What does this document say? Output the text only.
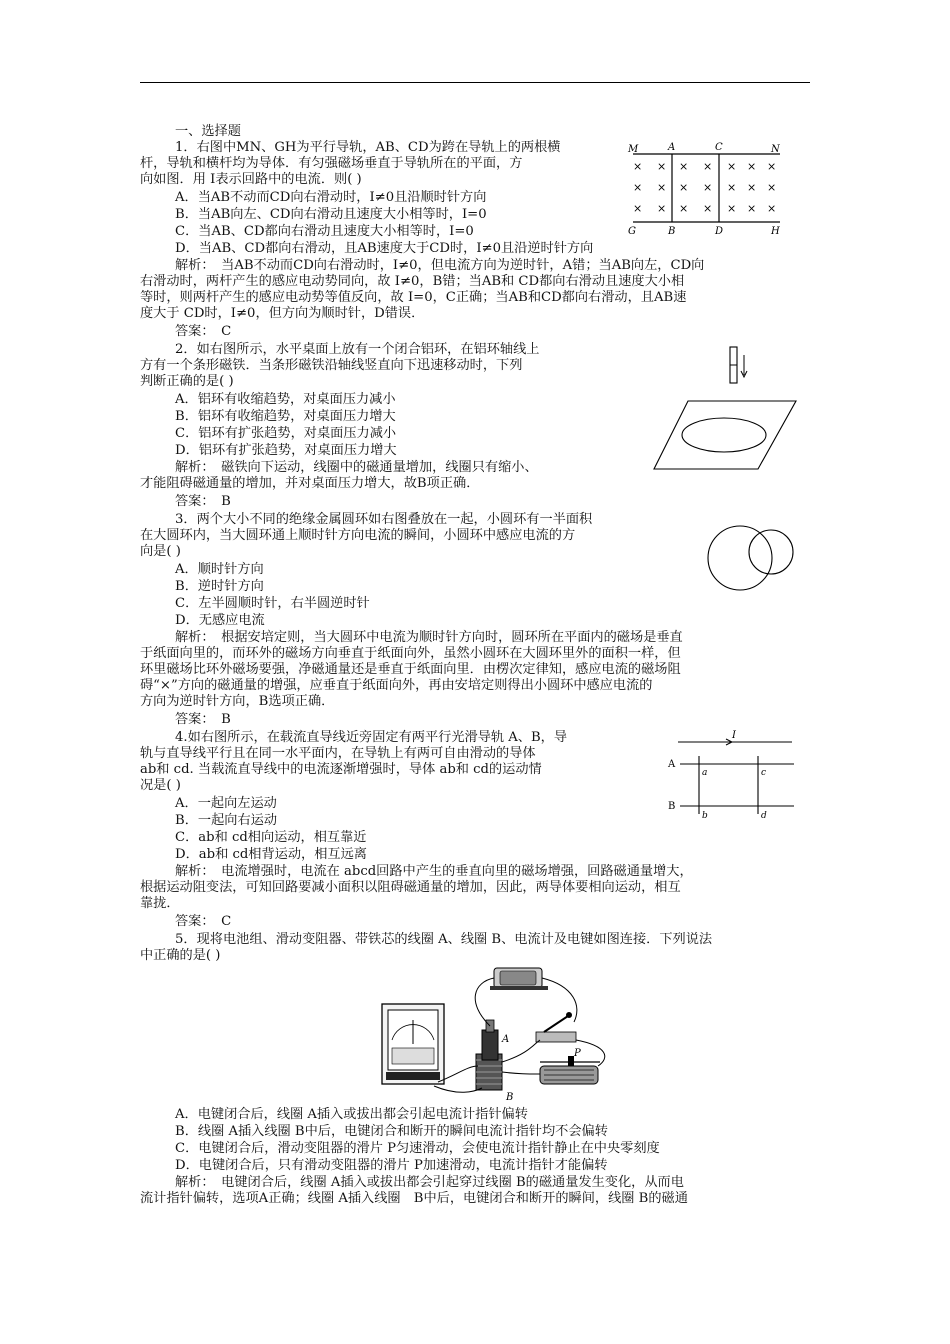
一、选择题
1．右图中MN、GH为平行导轨，AB、CD为跨在导轨上的两根横
杆，导轨和横杆均为导体．有匀强磁场垂直于导轨所在的平面，方
向如图．用 I表示回路中的电流．则( )
A．当AB不动而CD向右滑动时，I≠0且沿顺时针方向
B．当AB向左、CD向右滑动且速度大小相等时，I=0
C．当AB、CD都向右滑动且速度大小相等时，I=0
D．当AB、CD都向右滑动，且AB速度大于CD时，I≠0且沿逆时针方向
解析：　当AB不动而CD向右滑动时，I≠0，但电流方向为逆时针，A错；当AB向左，CD向
右滑动时，两杆产生的感应电动势同向，故 I≠0，B错；当AB和 CD都向右滑动且速度大小相
等时，则两杆产生的感应电动势等值反向，故 I=0，C正确；当AB和CD都向右滑动，且AB速
度大于 CD时，I≠0，但方向为顺时针，D错误．
答案：　C
M	A	C	N
G	B	D	H
× × × × × × ×
× × × × × × ×
× × × × × × ×
2．如右图所示，水平桌面上放有一个闭合铝环，在铝环轴线上
方有一个条形磁铁．当条形磁铁沿轴线竖直向下迅速移动时，下列
判断正确的是( )
A．铝环有收缩趋势，对桌面压力减小
B．铝环有收缩趋势，对桌面压力增大
C．铝环有扩张趋势，对桌面压力减小
D．铝环有扩张趋势，对桌面压力增大
解析：　磁铁向下运动，线圈中的磁通量增加，线圈只有缩小、
才能阻碍磁通量的增加，并对桌面压力增大，故B项正确．
答案：　B
3．两个大小不同的绝缘金属圆环如右图叠放在一起，小圆环有一半面积
在大圆环内，当大圆环通上顺时针方向电流的瞬间，小圆环中感应电流的方
向是( )
A．顺时针方向
B．逆时针方向
C．左半圆顺时针，右半圆逆时针
D．无感应电流
解析：　根据安培定则，当大圆环中电流为顺时针方向时，圆环所在平面内的磁场是垂直
于纸面向里的，而环外的磁场方向垂直于纸面向外，虽然小圆环在大圆环里外的面积一样，但
环里磁场比环外磁场要强，净磁通量还是垂直于纸面向里．由楞次定律知，感应电流的磁场阻
碍“×”方向的磁通量的增强，应垂直于纸面向外，再由安培定则得出小圆环中感应电流的
方向为逆时针方向，B选项正确．
答案：　B
4.如右图所示，在载流直导线近旁固定有两平行光滑导轨 A、B，导
轨与直导线平行且在同一水平面内，在导轨上有两可自由滑动的导体
ab和 cd. 当载流直导线中的电流逐渐增强时，导体 ab和 cd的运动情
况是( )
A．一起向左运动
B．一起向右运动
C．ab和 cd相向运动，相互靠近
D．ab和 cd相背运动，相互远离
解析：　电流增强时，电流在 abcd回路中产生的垂直向里的磁场增强，回路磁通量增大，
根据运动阻变法，可知回路要减小面积以阻碍磁通量的增加，因此，两导体要相向运动，相互
靠拢．
答案：　C
I
A
B
a
b
c
d
5．现将电池组、滑动变阻器、带铁芯的线圈 A、线圈 B、电流计及电键如图连接．下列说法
中正确的是( )
A
B
P
A．电键闭合后，线圈 A插入或拔出都会引起电流计指针偏转
B．线圈 A插入线圈 B中后，电键闭合和断开的瞬间电流计指针均不会偏转
C．电键闭合后，滑动变阻器的滑片 P匀速滑动，会使电流计指针静止在中央零刻度
D．电键闭合后，只有滑动变阻器的滑片 P加速滑动，电流计指针才能偏转
解析：　电键闭合后，线圈 A插入或拔出都会引起穿过线圈 B的磁通量发生变化，从而电
流计指针偏转，选项A正确；线圈 A插入线圈　B中后，电键闭合和断开的瞬间，线圈 B的磁通
